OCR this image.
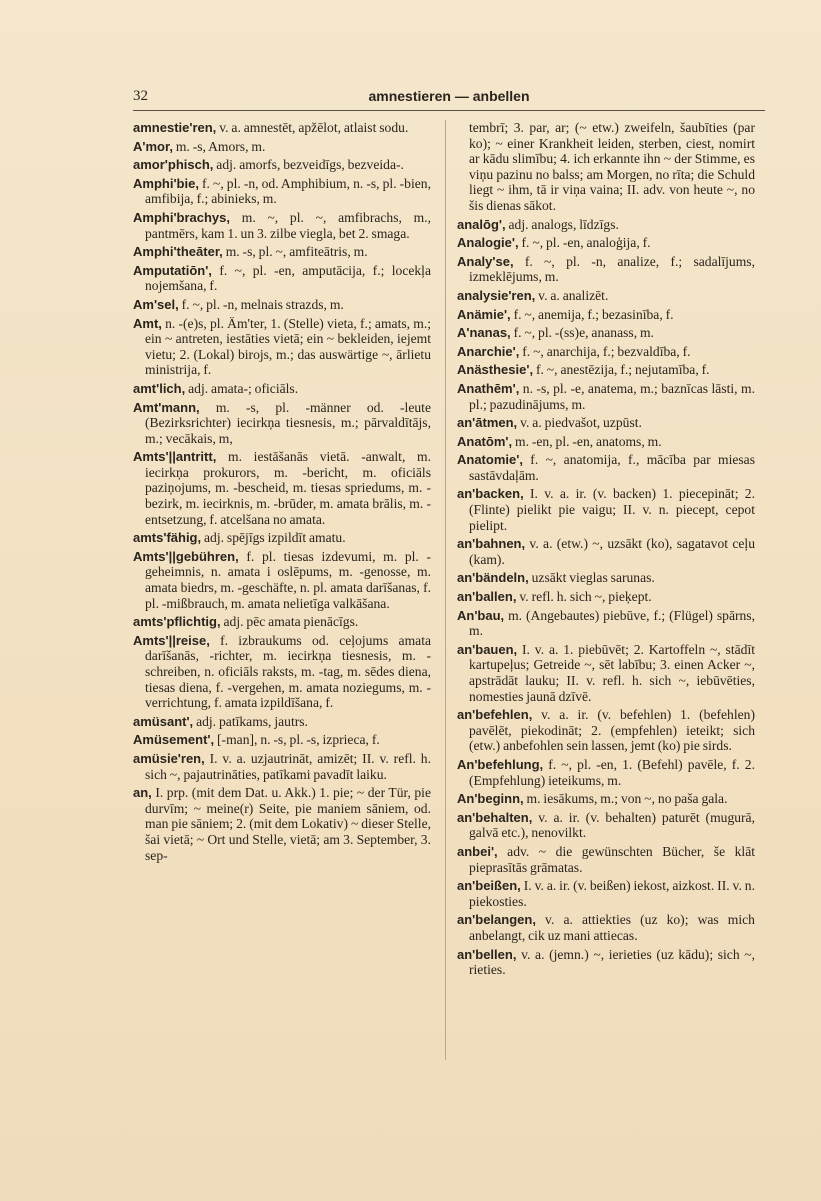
32	amnestieren — anbellen

amnestie'ren, v. a. amnestēt, apžēlot, atlaist sodu.

A'mor, m. -s, Amors, m.

amor'phisch, adj. amorfs, bezveidīgs, bezveida-.

Amphi'bie, f. ~, pl. -n, od. Amphibium, n. -s, pl. -bien, amfibija, f.; abinieks, m.

Amphi'brachys, m. ~, pl. ~, amfibrachs, m., pantmērs, kam 1. un 3. zilbe viegla, bet 2. smaga.

Amphi'theāter, m. -s, pl. ~, amfiteātris, m.

Amputatiōn', f. ~, pl. -en, amputācija, f.; locekļa nojemšana, f.

Am'sel, f. ~, pl. -n, melnais strazds, m.

Amt, n. -(e)s, pl. Äm'ter, 1. (Stelle) vieta, f.; amats, m.; ein ~ antreten, iestāties vietā; ein ~ bekleiden, iejemt vietu; 2. (Lokal) birojs, m.; das auswärtige ~, ārlietu ministrija, f.

amt'lich, adj. amata-; oficiāls.

Amt'mann, m. -s, pl. -männer od. -leute (Bezirksrichter) iecirkņa tiesnesis, m.; pārvaldītājs, m.; vecākais, m,

Amts'||antritt, m. iestāšanās vietā. -anwalt, m. iecirkņa prokurors, m. -bericht, m. oficiāls paziņojums, m. -bescheid, m. tiesas spriedums, m. -bezirk, m. iecirknis, m. -brūder, m. amata brālis, m. -entsetzung, f. atcelšana no amata.

amts'fähig, adj. spējīgs izpildīt amatu.

Amts'||gebühren, f. pl. tiesas izdevumi, m. pl. -geheimnis, n. amata i oslēpums, m. -genosse, m. amata biedrs, m. -geschäfte, n. pl. amata darīšanas, f. pl. -mißbrauch, m. amata nelietīga valkāšana.

amts'pflichtig, adj. pēc amata pienācīgs.

Amts'||reise, f. izbraukums od. ceļojums amata darīšanās, -richter, m. iecirkņa tiesnesis, m. -schreiben, n. oficiāls raksts, m. -tag, m. sēdes diena, tiesas diena, f. -vergehen, m. amata noziegums, m. -verrichtung, f. amata izpildīšana, f.

amüsant', adj. patīkams, jautrs.

Amüsement', [-man], n. -s, pl. -s, izprieca, f.

amüsie'ren, I. v. a. uzjautrināt, amizēt; II. v. refl. h. sich ~, pajautrināties, patīkami pavadīt laiku.

an, I. prp. (mit dem Dat. u. Akk.) 1. pie; ~ der Tür, pie durvīm; ~ meine(r) Seite, pie maniem sāniem, od. man pie sāniem; 2. (mit dem Lokativ) ~ dieser Stelle, šai vietā; ~ Ort und Stelle, vietā; am 3. September, 3. sep-

tembrī; 3. par, ar; (~ etw.) zweifeln, šaubīties (par ko); ~ einer Krankheit leiden, sterben, ciest, nomirt ar kādu slimību; 4. ich erkannte ihn ~ der Stimme, es viņu pazinu no balss; am Morgen, no rīta; die Schuld liegt ~ ihm, tā ir viņa vaina; II. adv. von heute ~, no šis dienas sākot.

analōg', adj. analogs, līdzīgs.

Analogie', f. ~, pl. -en, analoģija, f.

Analy'se, f. ~, pl. -n, analize, f.; sadalījums, izmeklējums, m.

analysie'ren, v. a. analizēt.

Anämie', f. ~, anemija, f.; bezasinība, f.

A'nanas, f. ~, pl. -(ss)e, ananass, m.

Anarchie', f. ~, anarchija, f.; bezvaldība, f.

Anästhesie', f. ~, anestēzija, f.; nejutamība, f.

Anathēm', n. -s, pl. -e, anatema, m.; baznīcas lāsti, m. pl.; pazudinājums, m.

an'ātmen, v. a. piedvašot, uzpūst.

Anatōm', m. -en, pl. -en, anatoms, m.

Anatomie', f. ~, anatomija, f., mācība par miesas sastāvdaļām.

an'backen, I. v. a. ir. (v. backen) 1. piecepināt; 2. (Flinte) pielikt pie vaigu; II. v. n. piecept, cepot pielipt.

an'bahnen, v. a. (etw.) ~, uzsākt (ko), sagatavot ceļu (kam).

an'bändeln, uzsākt vieglas sarunas.

an'ballen, v. refl. h. sich ~, pieķept.

An'bau, m. (Angebautes) piebūve, f.; (Flügel) spārns, m.

an'bauen, I. v. a. 1. piebūvēt; 2. Kartoffeln ~, stādīt kartupeļus; Getreide ~, sēt labību; 3. einen Acker ~, apstrādāt lauku; II. v. refl. h. sich ~, iebūvēties, nomesties jaunā dzīvē.

an'befehlen, v. a. ir. (v. befehlen) 1. (befehlen) pavēlēt, piekodināt; 2. (empfehlen) ieteikt; sich (etw.) anbefohlen sein lassen, jemt (ko) pie sirds.

An'befehlung, f. ~, pl. -en, 1. (Befehl) pavēle, f. 2. (Empfehlung) ieteikums, m.

An'beginn, m. iesākums, m.; von ~, no paša gala.

an'behalten, v. a. ir. (v. behalten) paturēt (mugurā, galvā etc.), nenovilkt.

anbei', adv. ~ die gewünschten Bücher, še klāt pieprasītās grāmatas.

an'beißen, I. v. a. ir. (v. beißen) iekost, aizkost. II. v. n. piekosties.

an'belangen, v. a. attiekties (uz ko); was mich anbelangt, cik uz mani attiecas.

an'bellen, v. a. (jemn.) ~, ierieties (uz kādu); sich ~, rieties.
